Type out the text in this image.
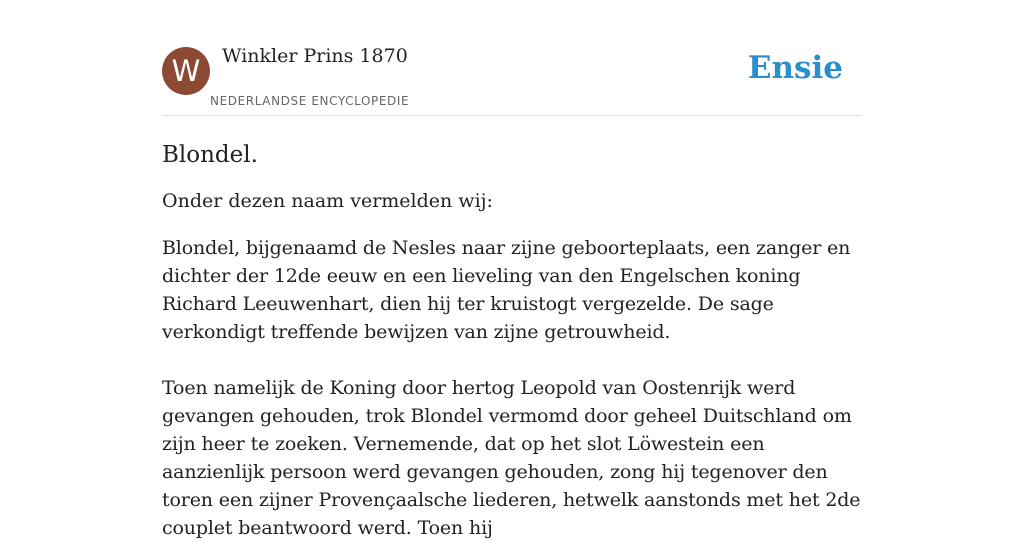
W	Winkler Prins 1870
NEDERLANDSE ENCYCLOPEDIE
Ensie
Blondel.

Onder dezen naam vermelden wij:

Blondel, bijgenaamd de Nesles naar zijne geboorteplaats, een zanger en dichter der 12de eeuw en een lieveling van den Engelschen koning Richard Leeuwenhart, dien hij ter kruistogt vergezelde. De sage verkondigt treffende bewijzen van zijne getrouwheid.

Toen namelijk de Koning door hertog Leopold van Oostenrijk werd gevangen gehouden, trok Blondel vermomd door geheel Duitschland om zijn heer te zoeken. Vernemende, dat op het slot Löwestein een aanzienlijk persoon werd gevangen gehouden, zong hij tegenover den toren een zijner Provençaalsche liederen, hetwelk aanstonds met het 2de couplet beantwoord werd. Toen hij
